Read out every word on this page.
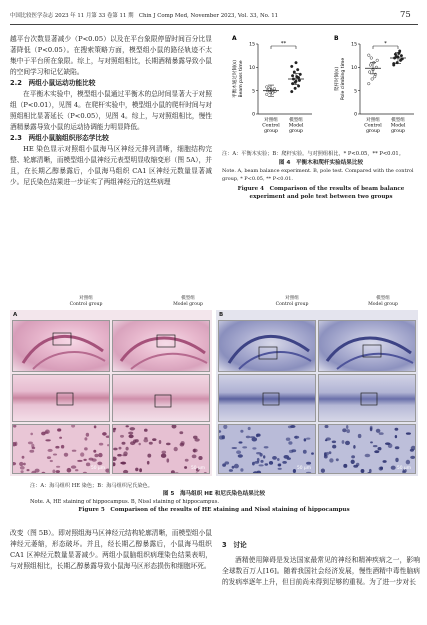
中国比较医学杂志 2023 年 11 月第 33 卷第 11 期　Chin J Comp Med, November 2023, Vol. 33, No. 11	75

越平台次数显著减少（P<0.05）以及在平台象限停留时间百分比显著降低（P<0.05）。在搜索策略方面，模型组小鼠的路径轨迹不太集中于平台所在象限。综上，与对照组相比，长期酒精暴露导致小鼠的空间学习和记忆缺陷。

2.2　两组小鼠运动功能比较

在平衡木实验中，模型组小鼠通过平衡木的总时间显著大于对照组（P<0.01），见图 4。在爬杆实验中，模型组小鼠的爬杆时间与对照组相比显著延长（P<0.05），见图 4。综上，与对照组相比，慢性酒精暴露导致小鼠的运动协调能力明显降低。

2.3　两组小鼠脑组织形态学比较

HE 染色显示对照组小鼠海马区神经元排列清晰，细胞结构完整、轮廓清晰，而模型组小鼠神经元表型明显收缩变形（图 5A），并且，在长期乙醇暴露后，小鼠海马组织 CA1 区神经元数量显著减少。尼氏染色结果进一步证实了两组神经元的这些病理

A
平衡木通过时间(s) Beam pass time
0
5
10
15
对照组
Control
group
模型组
Model
group
**
B
爬杆时间(s) Pole climbing time
0
5
10
15
对照组
Control
group
模型组
Model
group
*
注：A：平衡木实验；B：爬杆实验。与对照组相比，* P<0.05，** P<0.01。
图 4　平衡木和爬杆实验结果比较
Note. A, beam balance experiment. B, pole test. Compared with the control group, * P<0.05, ** P<0.01.
Figure 4　Comparison of the results of beam balance experiment and pole test between two groups
对照组
Control group
模型组
Model group
对照组
Control group
模型组
Model group
A
50 μm	50 μm
B
50 μm	50 μm
注：A：海马组织 HE 染色；B：海马组织尼氏染色。
图 5　海马组织 HE 和尼氏染色结果比较
Note. A, HE staining of hippocampus. B, Nissl staining of hippocampus.
Figure 5　Comparison of the results of HE staining and Nissl staining of hippocampus

改变（图 5B）。即对照组海马区神经元结构轮廓清晰，而模型组小鼠神经元萎缩，形态破坏。并且，经长期乙醇暴露后，小鼠海马组织 CA1 区神经元数量显著减少。两组小鼠脑组织病理染色结果表明，与对照组相比，长期乙醇暴露导致小鼠海马区形态损伤和细胞坏死。

3　讨论

酒精使用障碍是发达国家最常见的神经和精神疾病之一，影响全球数百万人[16]。随着我国社会经济发展，慢性酒精中毒性脑病的发病率逐年上升，但目前尚未得到足够的重视。为了进一步对长
